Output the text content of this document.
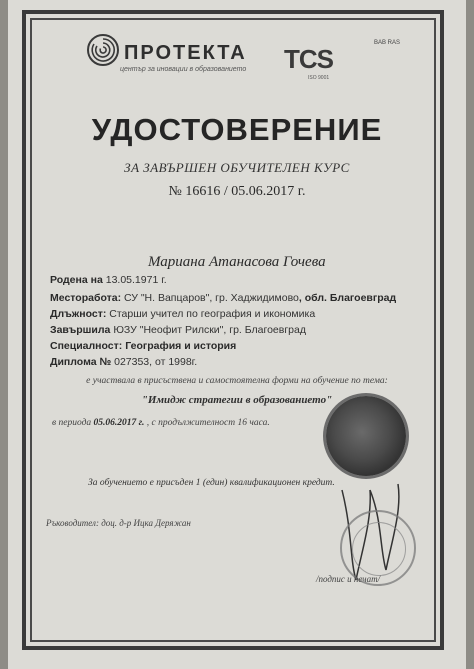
ПРОТЕКТА
център за иновации в образованието TCS
BAB RAS
ISO 9001
УДОСТОВЕРЕНИЕ
ЗА ЗАВЪРШЕН ОБУЧИТЕЛЕН КУРС
№ 16616 / 05.06.2017 г.
Мариана Атанасова Гочева
Родена на 13.05.1971 г.
Месторабота: СУ "Н. Вапцаров", гр. Хаджидимово, обл. Благоевград
Длъжност: Старши учител по география и икономика
Завършила ЮЗУ "Неофит Рилски", гр. Благоевград
Специалност: География и история
Диплома № 027353, от 1998г.
е участвала в присъствена и самостоятелна форми на обучение по тема:
"Имидж стратегии в образованието"
в периода 05.06.2017 г. , с продължителност 16 часа.
За обучението е присъден 1 (един) квалификационен кредит.
Ръководител: доц. д-р Ицка Деряжан
/подпис и печат/
